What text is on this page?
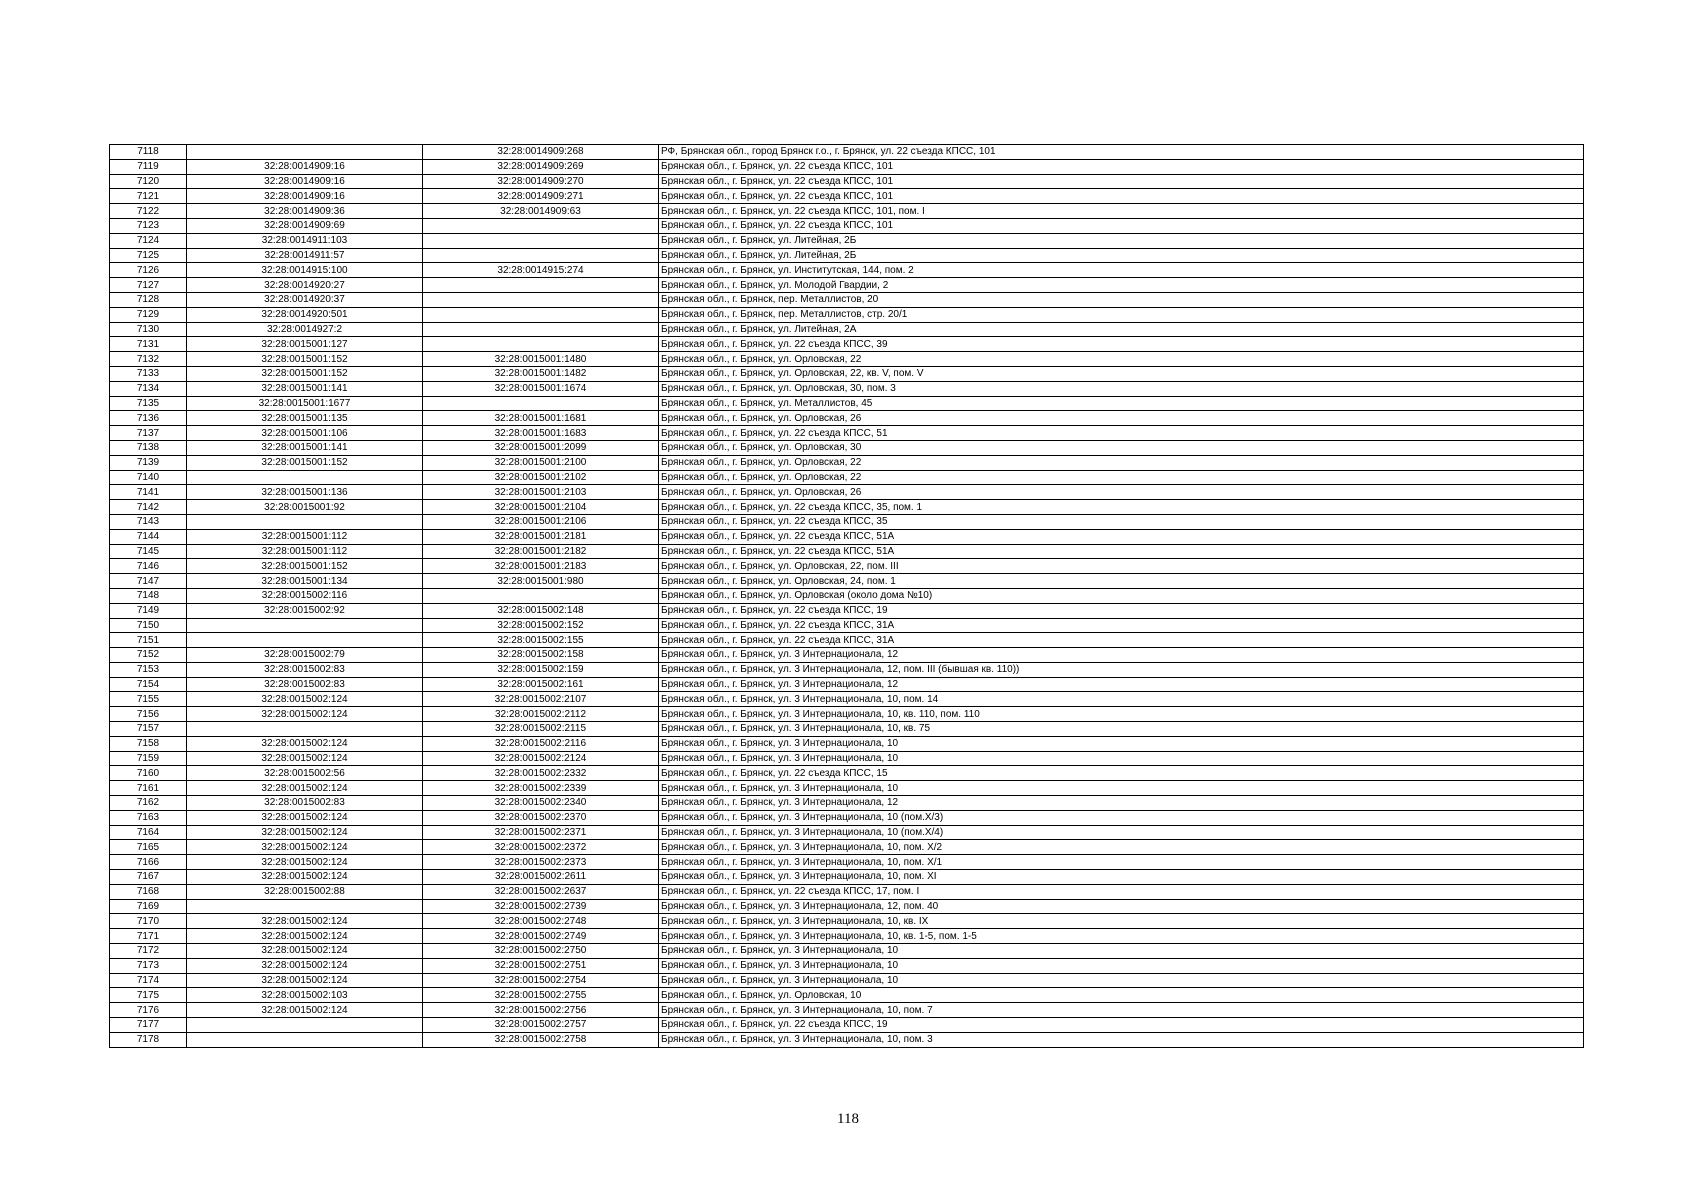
7118		32:28:0014909:268	РФ, Брянская обл., город Брянск г.о., г. Брянск, ул. 22 съезда КПСС, 101
7119	32:28:0014909:16	32:28:0014909:269	Брянская обл., г. Брянск, ул. 22 съезда КПСС, 101
7120	32:28:0014909:16	32:28:0014909:270	Брянская обл., г. Брянск, ул. 22 съезда КПСС, 101
7121	32:28:0014909:16	32:28:0014909:271	Брянская обл., г. Брянск, ул. 22 съезда КПСС, 101
7122	32:28:0014909:36	32:28:0014909:63	Брянская обл., г. Брянск, ул. 22 съезда КПСС, 101, пом. I
7123	32:28:0014909:69		Брянская обл., г. Брянск, ул. 22 съезда КПСС, 101
7124	32:28:0014911:103		Брянская обл., г. Брянск, ул. Литейная, 2Б
7125	32:28:0014911:57		Брянская обл., г. Брянск, ул. Литейная, 2Б
7126	32:28:0014915:100	32:28:0014915:274	Брянская обл., г. Брянск, ул. Институтская, 144, пом. 2
7127	32:28:0014920:27		Брянская обл., г. Брянск, ул. Молодой Гвардии, 2
7128	32:28:0014920:37		Брянская обл., г. Брянск, пер. Металлистов, 20
7129	32:28:0014920:501		Брянская обл., г. Брянск, пер. Металлистов, стр. 20/1
7130	32:28:0014927:2		Брянская обл., г. Брянск, ул. Литейная, 2А
7131	32:28:0015001:127		Брянская обл., г. Брянск, ул. 22 съезда КПСС, 39
7132	32:28:0015001:152	32:28:0015001:1480	Брянская обл., г. Брянск, ул. Орловская, 22
7133	32:28:0015001:152	32:28:0015001:1482	Брянская обл., г. Брянск, ул. Орловская, 22, кв. V, пом. V
7134	32:28:0015001:141	32:28:0015001:1674	Брянская обл., г. Брянск, ул. Орловская, 30, пом. 3
7135	32:28:0015001:1677		Брянская обл., г. Брянск, ул. Металлистов, 45
7136	32:28:0015001:135	32:28:0015001:1681	Брянская обл., г. Брянск, ул. Орловская, 26
7137	32:28:0015001:106	32:28:0015001:1683	Брянская обл., г. Брянск, ул. 22 съезда КПСС, 51
7138	32:28:0015001:141	32:28:0015001:2099	Брянская обл., г. Брянск, ул. Орловская, 30
7139	32:28:0015001:152	32:28:0015001:2100	Брянская обл., г. Брянск, ул. Орловская, 22
7140		32:28:0015001:2102	Брянская обл., г. Брянск, ул. Орловская, 22
7141	32:28:0015001:136	32:28:0015001:2103	Брянская обл., г. Брянск, ул. Орловская, 26
7142	32:28:0015001:92	32:28:0015001:2104	Брянская обл., г. Брянск, ул. 22 съезда КПСС, 35, пом. 1
7143		32:28:0015001:2106	Брянская обл., г. Брянск, ул. 22 съезда КПСС, 35
7144	32:28:0015001:112	32:28:0015001:2181	Брянская обл., г. Брянск, ул. 22 съезда КПСС, 51А
7145	32:28:0015001:112	32:28:0015001:2182	Брянская обл., г. Брянск, ул. 22 съезда КПСС, 51А
7146	32:28:0015001:152	32:28:0015001:2183	Брянская обл., г. Брянск, ул. Орловская, 22, пом. III
7147	32:28:0015001:134	32:28:0015001:980	Брянская обл., г. Брянск, ул. Орловская, 24, пом. 1
7148	32:28:0015002:116		Брянская обл., г. Брянск, ул. Орловская (около дома №10)
7149	32:28:0015002:92	32:28:0015002:148	Брянская обл., г. Брянск, ул. 22 съезда КПСС, 19
7150		32:28:0015002:152	Брянская обл., г. Брянск, ул. 22 съезда КПСС, 31А
7151		32:28:0015002:155	Брянская обл., г. Брянск, ул. 22 съезда КПСС, 31А
7152	32:28:0015002:79	32:28:0015002:158	Брянская обл., г. Брянск, ул. 3 Интернационала, 12
7153	32:28:0015002:83	32:28:0015002:159	Брянская обл., г. Брянск, ул. 3 Интернационала, 12, пом. III (бывшая кв. 110))
7154	32:28:0015002:83	32:28:0015002:161	Брянская обл., г. Брянск, ул. 3 Интернационала, 12
7155	32:28:0015002:124	32:28:0015002:2107	Брянская обл., г. Брянск, ул. 3 Интернационала, 10, пом. 14
7156	32:28:0015002:124	32:28:0015002:2112	Брянская обл., г. Брянск, ул. 3 Интернационала, 10, кв. 110, пом. 110
7157		32:28:0015002:2115	Брянская обл., г. Брянск, ул. 3 Интернационала, 10, кв. 75
7158	32:28:0015002:124	32:28:0015002:2116	Брянская обл., г. Брянск, ул. 3 Интернационала, 10
7159	32:28:0015002:124	32:28:0015002:2124	Брянская обл., г. Брянск, ул. 3 Интернационала, 10
7160	32:28:0015002:56	32:28:0015002:2332	Брянская обл., г. Брянск, ул. 22 съезда КПСС, 15
7161	32:28:0015002:124	32:28:0015002:2339	Брянская обл., г. Брянск, ул. 3 Интернационала, 10
7162	32:28:0015002:83	32:28:0015002:2340	Брянская обл., г. Брянск, ул. 3 Интернационала, 12
7163	32:28:0015002:124	32:28:0015002:2370	Брянская обл., г. Брянск, ул. 3 Интернационала, 10 (пом.Х/3)
7164	32:28:0015002:124	32:28:0015002:2371	Брянская обл., г. Брянск, ул. 3 Интернационала, 10 (пом.Х/4)
7165	32:28:0015002:124	32:28:0015002:2372	Брянская обл., г. Брянск, ул. 3 Интернационала, 10, пом. Х/2
7166	32:28:0015002:124	32:28:0015002:2373	Брянская обл., г. Брянск, ул. 3 Интернационала, 10, пом. Х/1
7167	32:28:0015002:124	32:28:0015002:2611	Брянская обл., г. Брянск, ул. 3 Интернационала, 10, пом. XI
7168	32:28:0015002:88	32:28:0015002:2637	Брянская обл., г. Брянск, ул. 22 съезда КПСС, 17, пом. I
7169		32:28:0015002:2739	Брянская обл., г. Брянск, ул. 3 Интернационала, 12, пом. 40
7170	32:28:0015002:124	32:28:0015002:2748	Брянская обл., г. Брянск, ул. 3 Интернационала, 10, кв. IX
7171	32:28:0015002:124	32:28:0015002:2749	Брянская обл., г. Брянск, ул. 3 Интернационала, 10, кв. 1-5, пом. 1-5
7172	32:28:0015002:124	32:28:0015002:2750	Брянская обл., г. Брянск, ул. 3 Интернационала, 10
7173	32:28:0015002:124	32:28:0015002:2751	Брянская обл., г. Брянск, ул. 3 Интернационала, 10
7174	32:28:0015002:124	32:28:0015002:2754	Брянская обл., г. Брянск, ул. 3 Интернационала, 10
7175	32:28:0015002:103	32:28:0015002:2755	Брянская обл., г. Брянск, ул. Орловская, 10
7176	32:28:0015002:124	32:28:0015002:2756	Брянская обл., г. Брянск, ул. 3 Интернационала, 10, пом. 7
7177		32:28:0015002:2757	Брянская обл., г. Брянск, ул. 22 съезда КПСС, 19
7178		32:28:0015002:2758	Брянская обл., г. Брянск, ул. 3 Интернационала, 10, пом. 3
118
